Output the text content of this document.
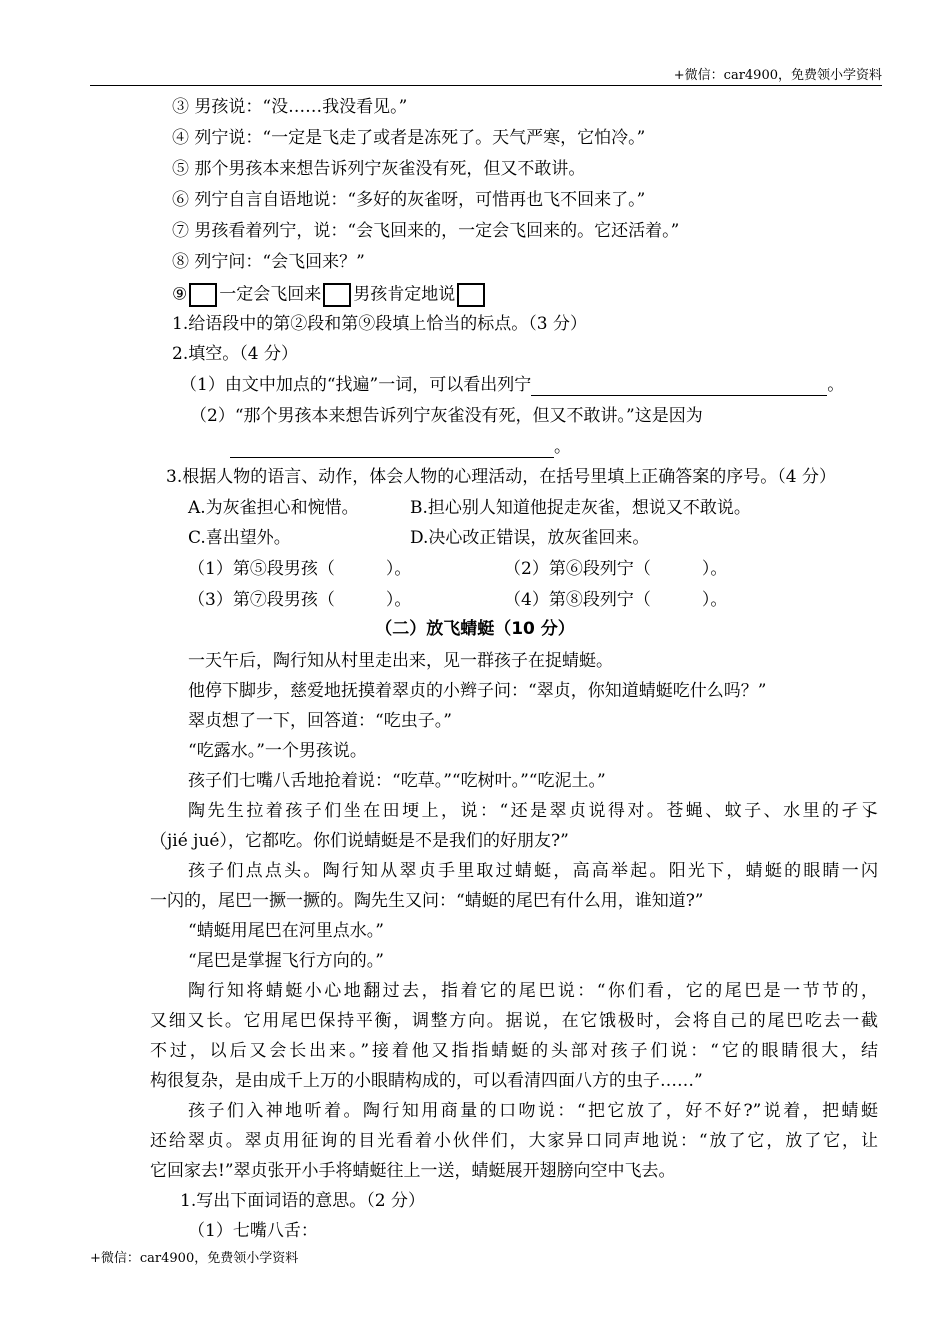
+微信：car4900，免费领小学资料
③ 男孩说：“没……我没看见。”
④ 列宁说：“一定是飞走了或者是冻死了。天气严寒，它怕冷。”
⑤ 那个男孩本来想告诉列宁灰雀没有死，但又不敢讲。
⑥ 列宁自言自语地说：“多好的灰雀呀，可惜再也飞不回来了。”
⑦ 男孩看着列宁，说：“会飞回来的，一定会飞回来的。它还活着。”
⑧ 列宁问：“会飞回来？”
⑨ 一定会飞回来 男孩肯定地说
1.给语段中的第②段和第⑨段填上恰当的标点。（3 分）
2.填空。（4 分）
（1）由文中加点的“找遍”一词，可以看出列宁	。
（2）“那个男孩本来想告诉列宁灰雀没有死，但又不敢讲。”这是因为
。
3.根据人物的语言、动作，体会人物的心理活动，在括号里填上正确答案的序号。（4 分）
A.为灰雀担心和惋惜。	B.担心别人知道他捉走灰雀，想说又不敢说。
C.喜出望外。	D.决心改正错误，放灰雀回来。
（1）第⑤段男孩（　　　）。	（2）第⑥段列宁（　　　）。
（3）第⑦段男孩（　　　）。	（4）第⑧段列宁（　　　）。
（二）放飞蜻蜓（10 分）
一天午后，陶行知从村里走出来，见一群孩子在捉蜻蜓。
他停下脚步，慈爱地抚摸着翠贞的小辫子问：“翠贞，你知道蜻蜓吃什么吗？”
翠贞想了一下，回答道：“吃虫子。”
“吃露水。”一个男孩说。
孩子们七嘴八舌地抢着说：“吃草。”“吃树叶。”“吃泥土。”
陶先生拉着孩子们坐在田埂上，说：“还是翠贞说得对。苍蝇、蚊子、水里的孑孓
（jié jué），它都吃。你们说蜻蜓是不是我们的好朋友?”
孩子们点点头。陶行知从翠贞手里取过蜻蜓，高高举起。阳光下，蜻蜓的眼睛一闪
一闪的，尾巴一撅一撅的。陶先生又问：“蜻蜓的尾巴有什么用，谁知道?”
“蜻蜓用尾巴在河里点水。”
“尾巴是掌握飞行方向的。”
陶行知将蜻蜓小心地翻过去，指着它的尾巴说：“你们看，它的尾巴是一节节的，
又细又长。它用尾巴保持平衡，调整方向。据说，在它饿极时，会将自己的尾巴吃去一截
不过，以后又会长出来。”接着他又指指蜻蜓的头部对孩子们说：“它的眼睛很大，结
构很复杂，是由成千上万的小眼睛构成的，可以看清四面八方的虫子……”
孩子们入神地听着。陶行知用商量的口吻说：“把它放了，好不好?”说着，把蜻蜓
还给翠贞。翠贞用征询的目光看着小伙伴们，大家异口同声地说：“放了它，放了它，让
它回家去!”翠贞张开小手将蜻蜓往上一送，蜻蜓展开翅膀向空中飞去。
1.写出下面词语的意思。（2 分）
（1）七嘴八舌：
+微信：car4900，免费领小学资料
